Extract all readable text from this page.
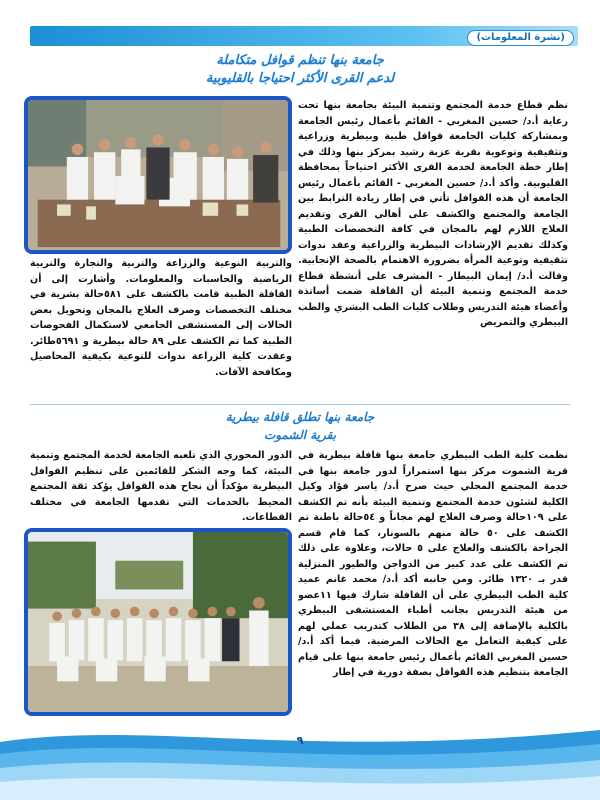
(نشرة المعلومات)
جامعة بنها تنظم قوافل متكاملة
لدعم القرى الأكثر احتياجا بالقليوبية

نظم قطاع خدمة المجتمع وتنمية البيئة بجامعة بنها تحت رعاية أ.د/ حسين المغربي - القائم بأعمال رئيس الجامعة وبمشاركة كليات الجامعة قوافل طبية وبيطرية وزراعية وتثقيفية وتوعوية بقرية عزبة رشيد بمركز بنها وذلك في إطار خطة الجامعة لخدمة القرى الأكثر احتياجاً بمحافظة القليوبية. وأكد أ.د/ حسين المغربي - القائم بأعمال رئيس الجامعة أن هذه القوافل تأتي في إطار زيادة الترابط بين الجامعة والمجتمع والكشف على أهالي القرى وتقديم العلاج اللازم لهم بالمجان في كافة التخصصات الطبية وكذلك تقديم الإرشادات البيطرية والزراعية وعقد ندوات تثقيفية وتوعية المرأة بضرورة الاهتمام بالصحة الإنجابية. وقالت أ.د/ إيمان البيطار - المشرف على أنشطة قطاع خدمة المجتمع وتنمية البيئة أن القافلة ضمت أساتذة وأعضاء هيئة التدريس وطلاب كليات الطب البشري والطب البيطري والتمريض

والتربية النوعية والزراعة والتربية والتجارة والتربية الرياضية والحاسبات والمعلومات. وأشارت إلى أن القافلة الطبية قامت بالكشف على ٥٨١حالة بشرية في مختلف التخصصات وصرف العلاج بالمجان وتحويل بعض الحالات إلى المستشفى الجامعي لاستكمال الفحوصات الطبية كما تم الكشف على ٨٩ حالة بيطرية و ٥٦٩١طائر. وعقدت كلية الزراعة ندوات للتوعية بكيفية المحاصيل ومكافحة الآفات.

جامعة بنها تطلق قافلة بيطرية
بقرية الشموت

نظمت كلية الطب البيطري جامعة بنها قافلة بيطرية في قرية الشموت مركز بنها استمراراً لدور جامعة بنها في خدمة المجتمع المحلي حيث صرح أ.د/ ياسر فؤاد وكيل الكلية لشئون خدمة المجتمع وتنمية البيئة بأنه تم الكشف على ١٠٩حالة وصرف العلاج لهم مجاناً و ٥٤حالة باطنة تم الكشف على ٥٠ حالة منهم بالسونار، كما قام قسم الجراحة بالكشف والعلاج على ٥ حالات، وعلاوة على ذلك تم الكشف على عدد كبير من الدواجن والطيور المنزلية قدر بـ ١٣٢٠ طائر. ومن جانبه أكد أ.د/ محمد غانم عميد كلية الطب البيطري على أن القافلة شارك فيها ١١عضو من هيئة التدريس بجانب أطباء المستشفى البيطري بالكلية بالإضافة إلى ٣٨ من الطلاب كتدريب عملي لهم على كيفية التعامل مع الحالات المرضية. فيما أكد أ.د/ حسين المغربي القائم بأعمال رئيس جامعة بنها على قيام الجامعة بتنظيم هذه القوافل بصفة دورية في إطار

الدور المحوري الذي تلعبه الجامعة لخدمة المجتمع وتنمية البيئة، كما وجه الشكر للقائمين على تنظيم القوافل البيطرية مؤكداً أن نجاح هذه القوافل يؤكد ثقة المجتمع المحيط بالخدمات التي تقدمها الجامعة في مختلف القطاعات.

٩
